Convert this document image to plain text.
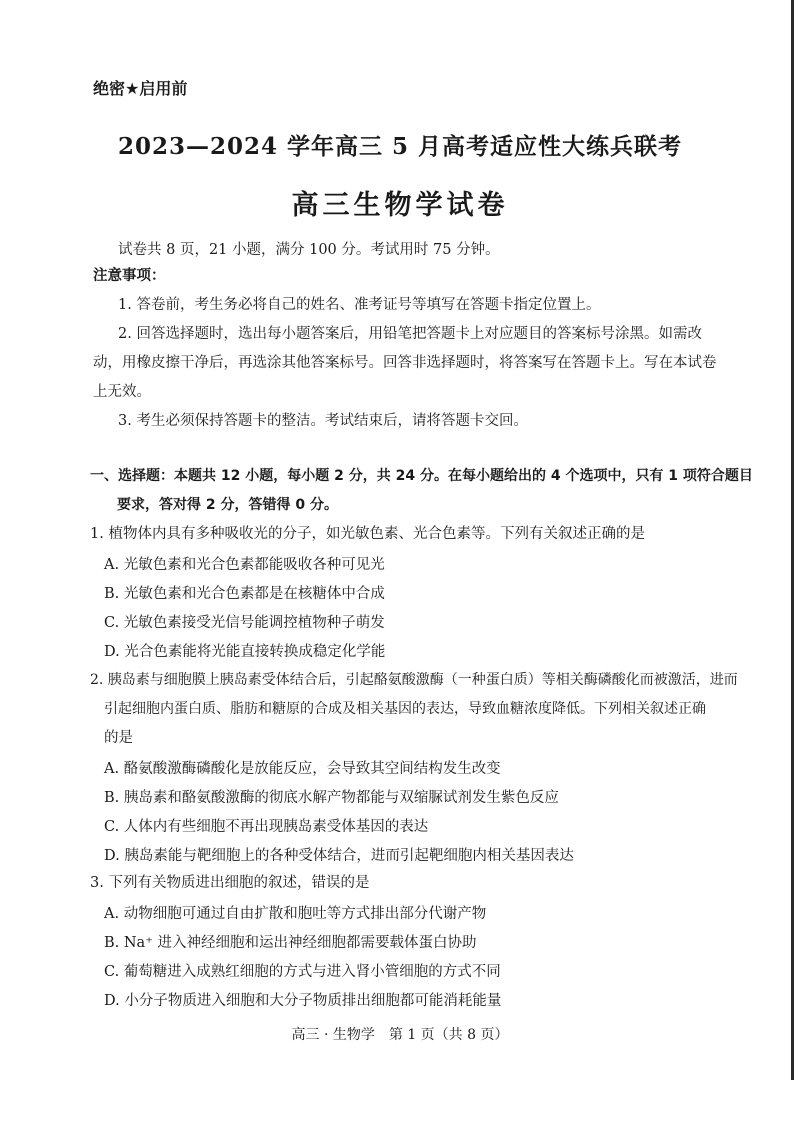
绝密★启用前
2023—2024 学年高三 5 月高考适应性大练兵联考
高三生物学试卷
试卷共 8 页，21 小题，满分 100 分。考试用时 75 分钟。
注意事项：
1. 答卷前，考生务必将自己的姓名、准考证号等填写在答题卡指定位置上。
2. 回答选择题时，选出每小题答案后，用铅笔把答题卡上对应题目的答案标号涂黑。如需改
动，用橡皮擦干净后，再选涂其他答案标号。回答非选择题时，将答案写在答题卡上。写在本试卷
上无效。
3. 考生必须保持答题卡的整洁。考试结束后，请将答题卡交回。
一、选择题：本题共 12 小题，每小题 2 分，共 24 分。在每小题给出的 4 个选项中，只有 1 项符合题目
要求，答对得 2 分，答错得 0 分。
1. 植物体内具有多种吸收光的分子，如光敏色素、光合色素等。下列有关叙述正确的是
A. 光敏色素和光合色素都能吸收各种可见光
B. 光敏色素和光合色素都是在核糖体中合成
C. 光敏色素接受光信号能调控植物种子萌发
D. 光合色素能将光能直接转换成稳定化学能
2. 胰岛素与细胞膜上胰岛素受体结合后，引起酪氨酸激酶（一种蛋白质）等相关酶磷酸化而被激活，进而
引起细胞内蛋白质、脂肪和糖原的合成及相关基因的表达，导致血糖浓度降低。下列相关叙述正确
的是
A. 酪氨酸激酶磷酸化是放能反应，会导致其空间结构发生改变
B. 胰岛素和酪氨酸激酶的彻底水解产物都能与双缩脲试剂发生紫色反应
C. 人体内有些细胞不再出现胰岛素受体基因的表达
D. 胰岛素能与靶细胞上的各种受体结合，进而引起靶细胞内相关基因表达
3. 下列有关物质进出细胞的叙述，错误的是
A. 动物细胞可通过自由扩散和胞吐等方式排出部分代谢产物
B. Na⁺ 进入神经细胞和运出神经细胞都需要载体蛋白协助
C. 葡萄糖进入成熟红细胞的方式与进入肾小管细胞的方式不同
D. 小分子物质进入细胞和大分子物质排出细胞都可能消耗能量
高三 · 生物学　第 1 页（共 8 页）
